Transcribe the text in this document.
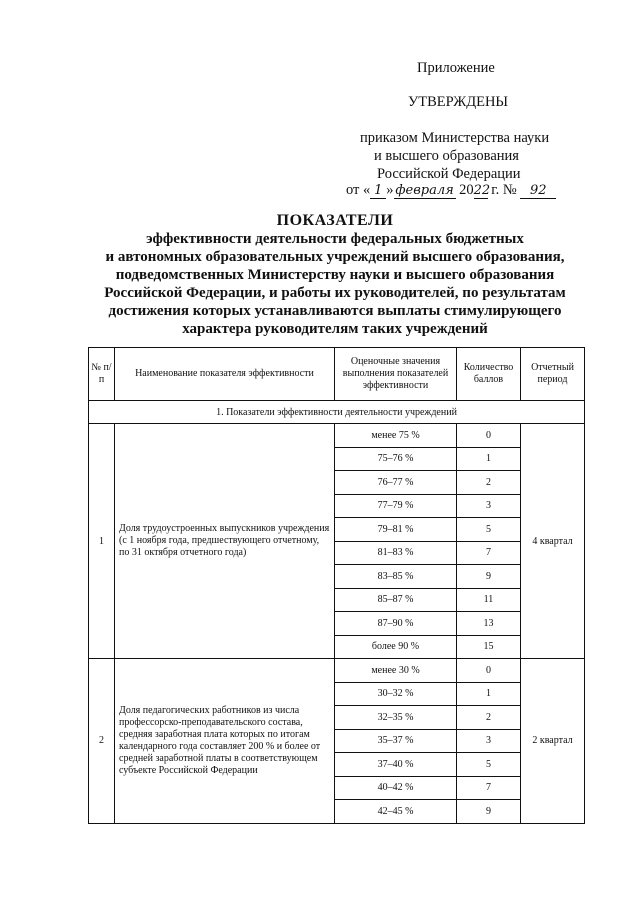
Приложение
УТВЕРЖДЕНЫ
приказом Министерства науки
и высшего образования
Российской Федерации
от « 1 » февраля 2022 г. № 92
ПОКАЗАТЕЛИ
эффективности деятельности федеральных бюджетных
и автономных образовательных учреждений высшего образования,
подведомственных Министерству науки и высшего образования
Российской Федерации, и работы их руководителей, по результатам
достижения которых устанавливаются выплаты стимулирующего
характера руководителям таких учреждений
№ п/п	Наименование показателя эффективности	Оценочные значения выполнения показателей эффективности	Количество баллов	Отчетный период
1. Показатели эффективности деятельности учреждений				
1	Доля трудоустроенных выпускников учреждения (с 1 ноября года, предшествующего отчетному, по 31 октября отчетного года)	менее 75 %	0	4 квартал
		75–76 %	1	
		76–77 %	2	
		77–79 %	3	
		79–81 %	5	
		81–83 %	7	
		83–85 %	9	
		85–87 %	11	
		87–90 %	13	
		более 90 %	15	
2	Доля педагогических работников из числа профессорско-преподавательского состава, средняя заработная плата которых по итогам календарного года составляет 200 % и более от средней заработной платы в соответствующем субъекте Российской Федерации	менее 30 %	0	2 квартал
		30–32 %	1	
		32–35 %	2	
		35–37 %	3	
		37–40 %	5	
		40–42 %	7	
		42–45 %	9	
